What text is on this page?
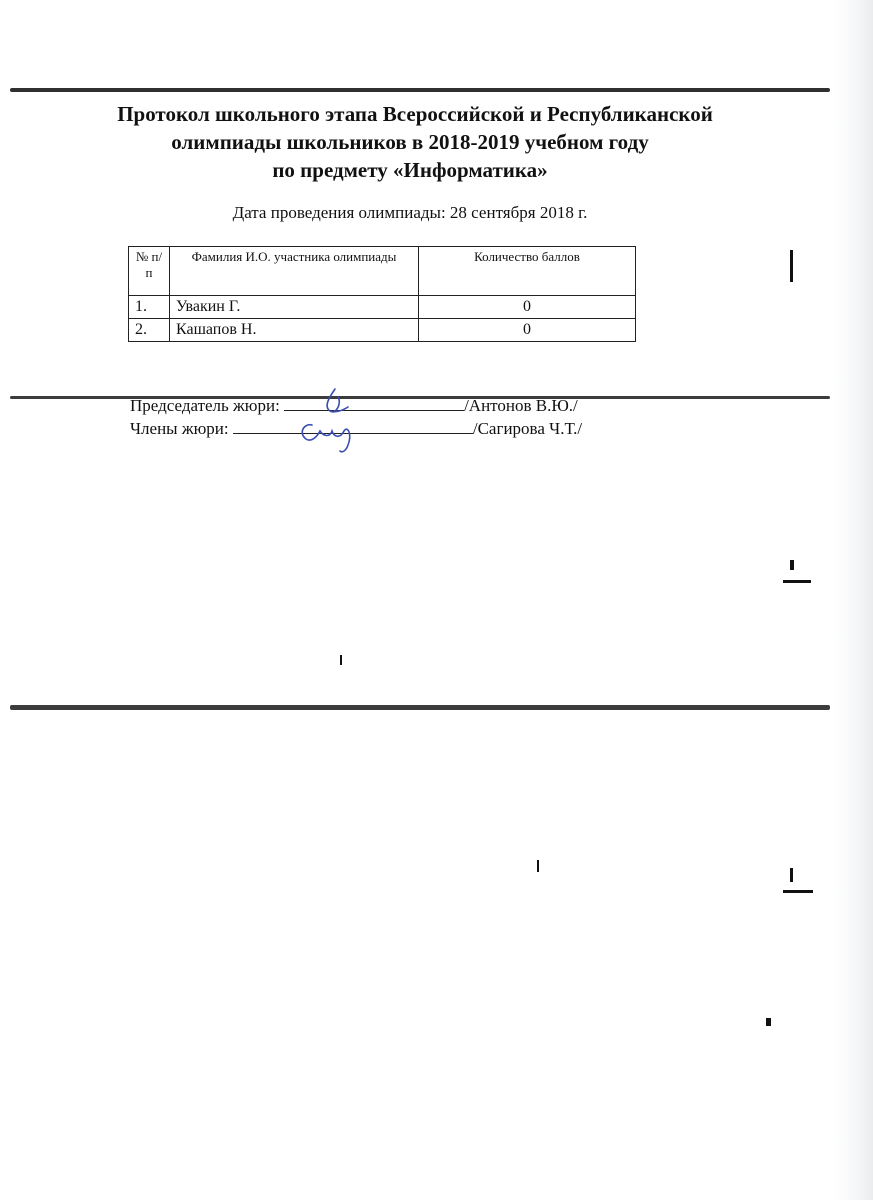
Протокол школьного этапа Всероссийской и Республиканской
олимпиады школьников в 2018-2019 учебном году
по предмету «Информатика»
Дата проведения олимпиады: 28 сентября 2018 г.
№ п/п	Фамилия И.О. участника олимпиады	Количество баллов
1.	Увакин Г.	0
2.	Кашапов Н.	0
Председатель жюри:	/Антонов В.Ю./
Члены жюри:	/Сагирова Ч.Т./
